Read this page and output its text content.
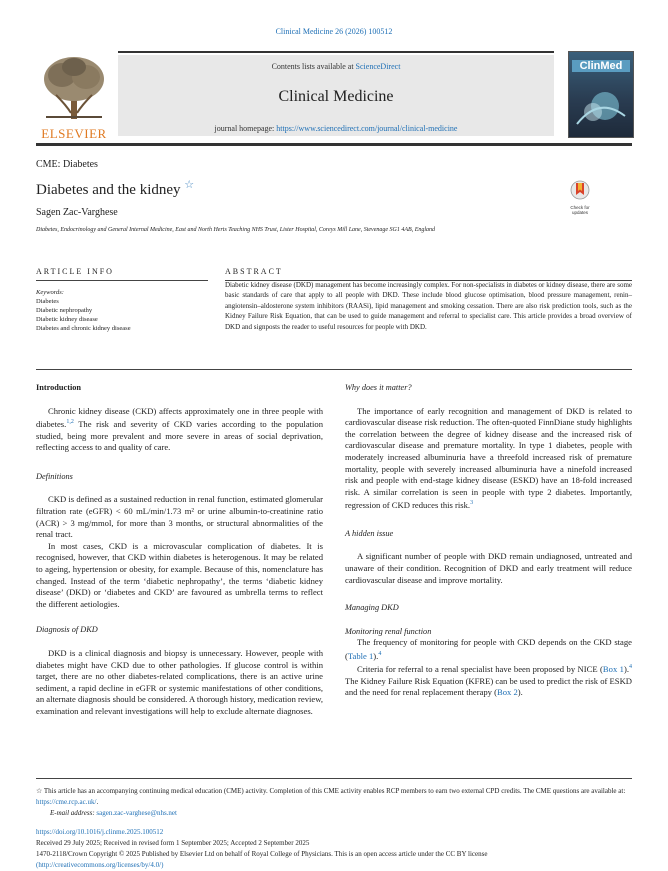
Clinical Medicine 26 (2026) 100512
ELSEVIER
Contents lists available at ScienceDirect
Clinical Medicine
journal homepage: https://www.sciencedirect.com/journal/clinical-medicine
ClinMed
CME: Diabetes
Diabetes and the kidney ☆
Sagen Zac-Varghese
Diabetes, Endocrinology and General Internal Medicine, East and North Herts Teaching NHS Trust, Lister Hospital, Coreys Mill Lane, Stevenage SG1 4AB, England
Check for
updates
ARTICLE INFO	ABSTRACT
Keywords:
Diabetes
Diabetic nephropathy
Diabetic kidney disease
Diabetes and chronic kidney disease
Diabetic kidney disease (DKD) management has become increasingly complex. For non-specialists in diabetes or kidney disease, there are some basic standards of care that apply to all people with DKD. These include blood glucose optimisation, blood pressure management, renin–angiotensin–aldosterone system inhibitors (RAASi), lipid management and smoking cessation. There are also risk prediction tools, such as the Kidney Failure Risk Equation, that can be used to guide management and referral to specialist care. This article provides a broad overview of DKD and signposts the reader to useful resources for people with DKD.
Introduction

Chronic kidney disease (CKD) affects approximately one in three people with diabetes.$^{1,2}$ The risk and severity of CKD varies according to the population studied, being more prevalent and more severe in areas of social deprivation, reflecting access to and quality of care.

Definitions

CKD is defined as a sustained reduction in renal function, estimated glomerular filtration rate (eGFR) < 60 mL/min/1.73 m² or urine albumin-to-creatinine ratio (ACR) > 3 mg/mmol, for more than 3 months, or structural abnormalities of the renal tract.

In most cases, CKD is a microvascular complication of diabetes. It is recognised, however, that CKD within diabetes is heterogenous. It may be related to ageing, hypertension or obesity, for example. Because of this, nomenclature has changed. Instead of the term ‘diabetic nephropathy’, the terms ‘diabetic kidney disease’ (DKD) or ‘diabetes and CKD’ are favoured as umbrella terms to reflect the different aetiologies.

Diagnosis of DKD

DKD is a clinical diagnosis and biopsy is unnecessary. However, people with diabetes might have CKD due to other pathologies. If glucose control is within target, there are no other diabetes-related complications, there is an active urine sediment, a rapid decline in eGFR or systemic manifestations of other conditions, an alternate diagnosis should be considered. A thorough history, medication review, examination and relevant investigations will help to exclude alternate diagnoses.

Why does it matter?

The importance of early recognition and management of DKD is related to cardiovascular disease risk reduction. The often-quoted FinnDiane study highlights the correlation between the degree of kidney disease and the increased risk of cardiovascular disease and premature mortality. In type 1 diabetes, people with moderately increased albuminuria have a threefold increased risk of premature mortality, people with severely increased albuminuria have a ninefold increased risk and people with end-stage kidney disease (ESKD) have an 18-fold increased risk. A similar correlation is seen in people with type 2 diabetes. Importantly, regression of CKD reduces this risk.$^3$

A hidden issue

A significant number of people with DKD remain undiagnosed, untreated and unaware of their condition. Recognition of DKD and early treatment will reduce cardiovascular disease and improve mortality.

Managing DKD
Monitoring renal function

The frequency of monitoring for people with CKD depends on the CKD stage (Table 1).$^4$

Criteria for referral to a renal specialist have been proposed by NICE (Box 1).$^4$ The Kidney Failure Risk Equation (KFRE) can be used to predict the risk of ESKD and the need for renal replacement therapy (Box 2).

☆ This article has an accompanying continuing medical education (CME) activity. Completion of this CME activity enables RCP members to earn two external CPD credits. The CME questions are available at: https://cme.rcp.ac.uk/.
E-mail address: sagen.zac-varghese@nhs.net
https://doi.org/10.1016/j.clinme.2025.100512
Received 29 July 2025; Received in revised form 1 September 2025; Accepted 2 September 2025
1470-2118/Crown Copyright © 2025 Published by Elsevier Ltd on behalf of Royal College of Physicians. This is an open access article under the CC BY license
(http://creativecommons.org/licenses/by/4.0/)
